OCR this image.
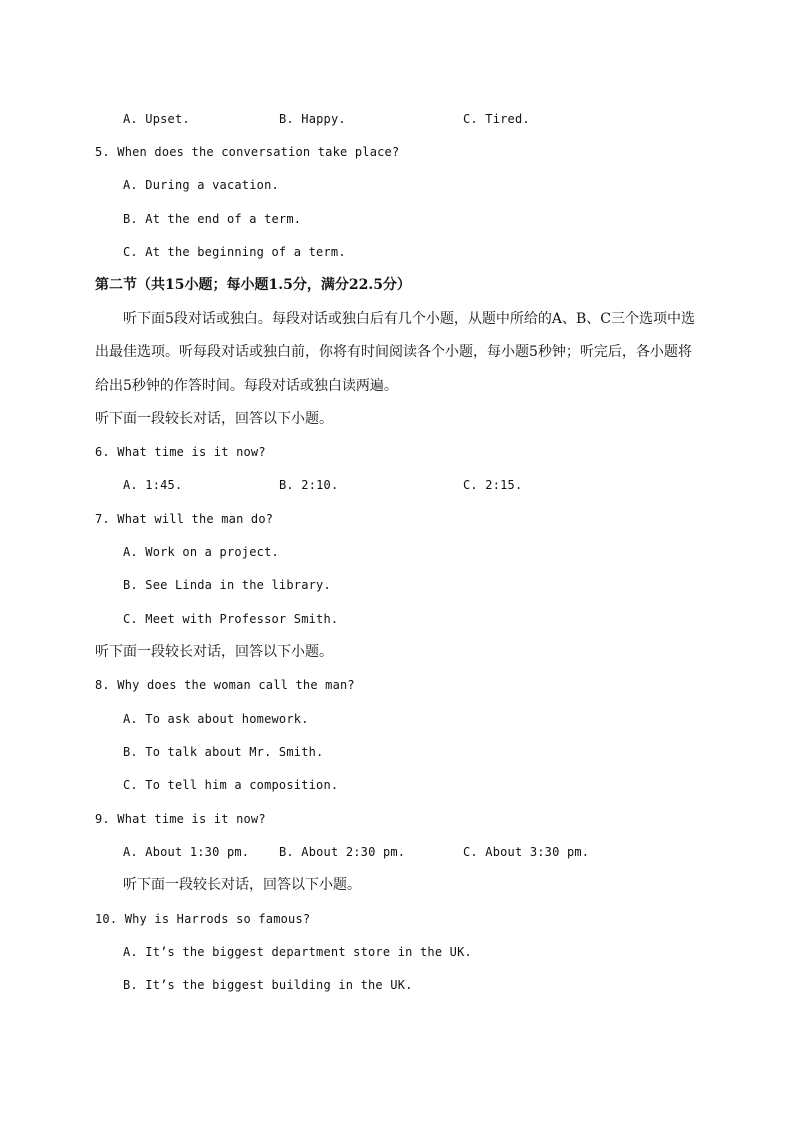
A. Upset.	B. Happy.	C. Tired.
5. When does the conversation take place?
A. During a vacation.
B. At the end of a term.
C. At the beginning of a term.
第二节（共15小题；每小题1.5分，满分22.5分）
听下面5段对话或独白。每段对话或独白后有几个小题，从题中所给的A、B、C三个选项中选
出最佳选项。听每段对话或独白前，你将有时间阅读各个小题，每小题5秒钟；听完后，各小题将
给出5秒钟的作答时间。每段对话或独白读两遍。
听下面一段较长对话，回答以下小题。
6. What time is it now?
A. 1:45.	B. 2:10.	C. 2:15.
7. What will the man do?
A. Work on a project.
B. See Linda in the library.
C. Meet with Professor Smith.
听下面一段较长对话，回答以下小题。
8. Why does the woman call the man?
A. To ask about homework.
B. To talk about Mr. Smith.
C. To tell him a composition.
9. What time is it now?
A. About 1:30 pm. B. About 2:30 pm.	C. About 3:30 pm.
听下面一段较长对话，回答以下小题。
10. Why is Harrods so famous?
A. It’s the biggest department store in the UK.
B. It’s the biggest building in the UK.
